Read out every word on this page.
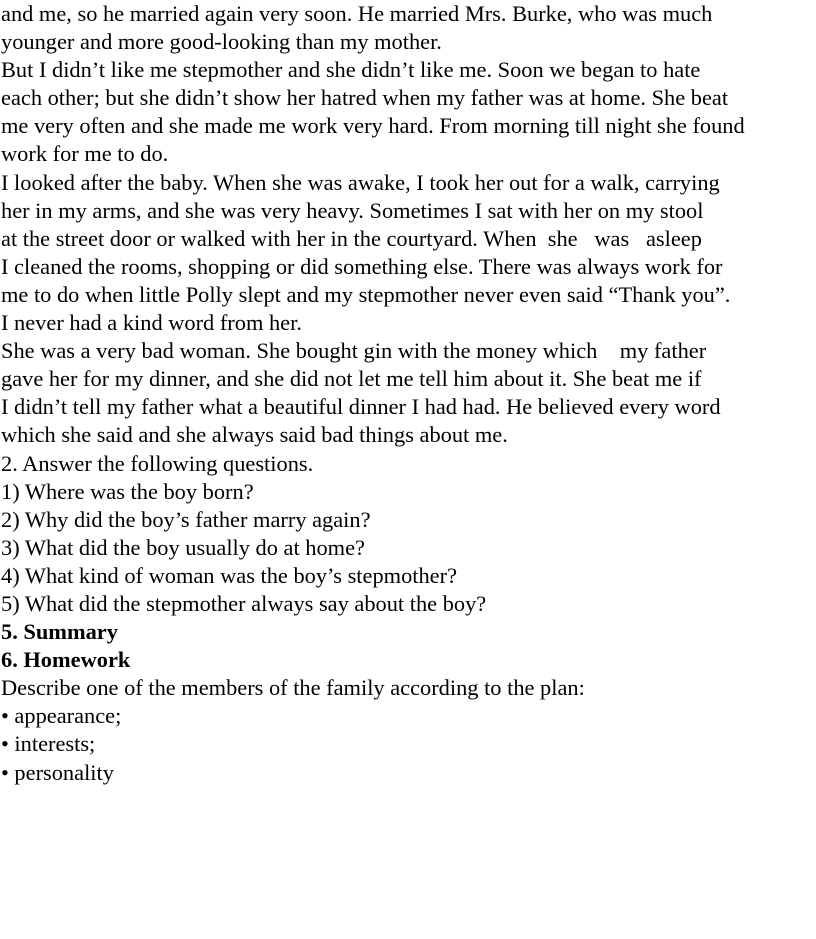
and me, so he married again very soon. He married Mrs. Burke, who was much
younger and more good-looking than my mother.
But I didn’t like me stepmother and she didn’t like me. Soon we began to hate
each other; but she didn’t show her hatred when my father was at home. She beat
me very often and she made me work very hard. From morning till night she found
work for me to do.
I looked after the baby. When she was awake, I took her out for a walk, carrying
her in my arms, and she was very heavy. Sometimes I sat with her on my stool
at the street door or walked with her in the courtyard. When  she   was   asleep
I cleaned the rooms, shopping or did something else. There was always work for
me to do when little Polly slept and my stepmother never even said “Thank you”.
I never had a kind word from her.
She was a very bad woman. She bought gin with the money which    my father
gave her for my dinner, and she did not let me tell him about it. She beat me if
I didn’t tell my father what a beautiful dinner I had had. He believed every word
which she said and she always said bad things about me.
2. Answer the following questions.
1) Where was the boy born?
2) Why did the boy’s father marry again?
3) What did the boy usually do at home?
4) What kind of woman was the boy’s stepmother?
5) What did the stepmother always say about the boy?
5. Summary
6. Homework
Describe one of the members of the family according to the plan:
• appearance;
• interests;
• personality
